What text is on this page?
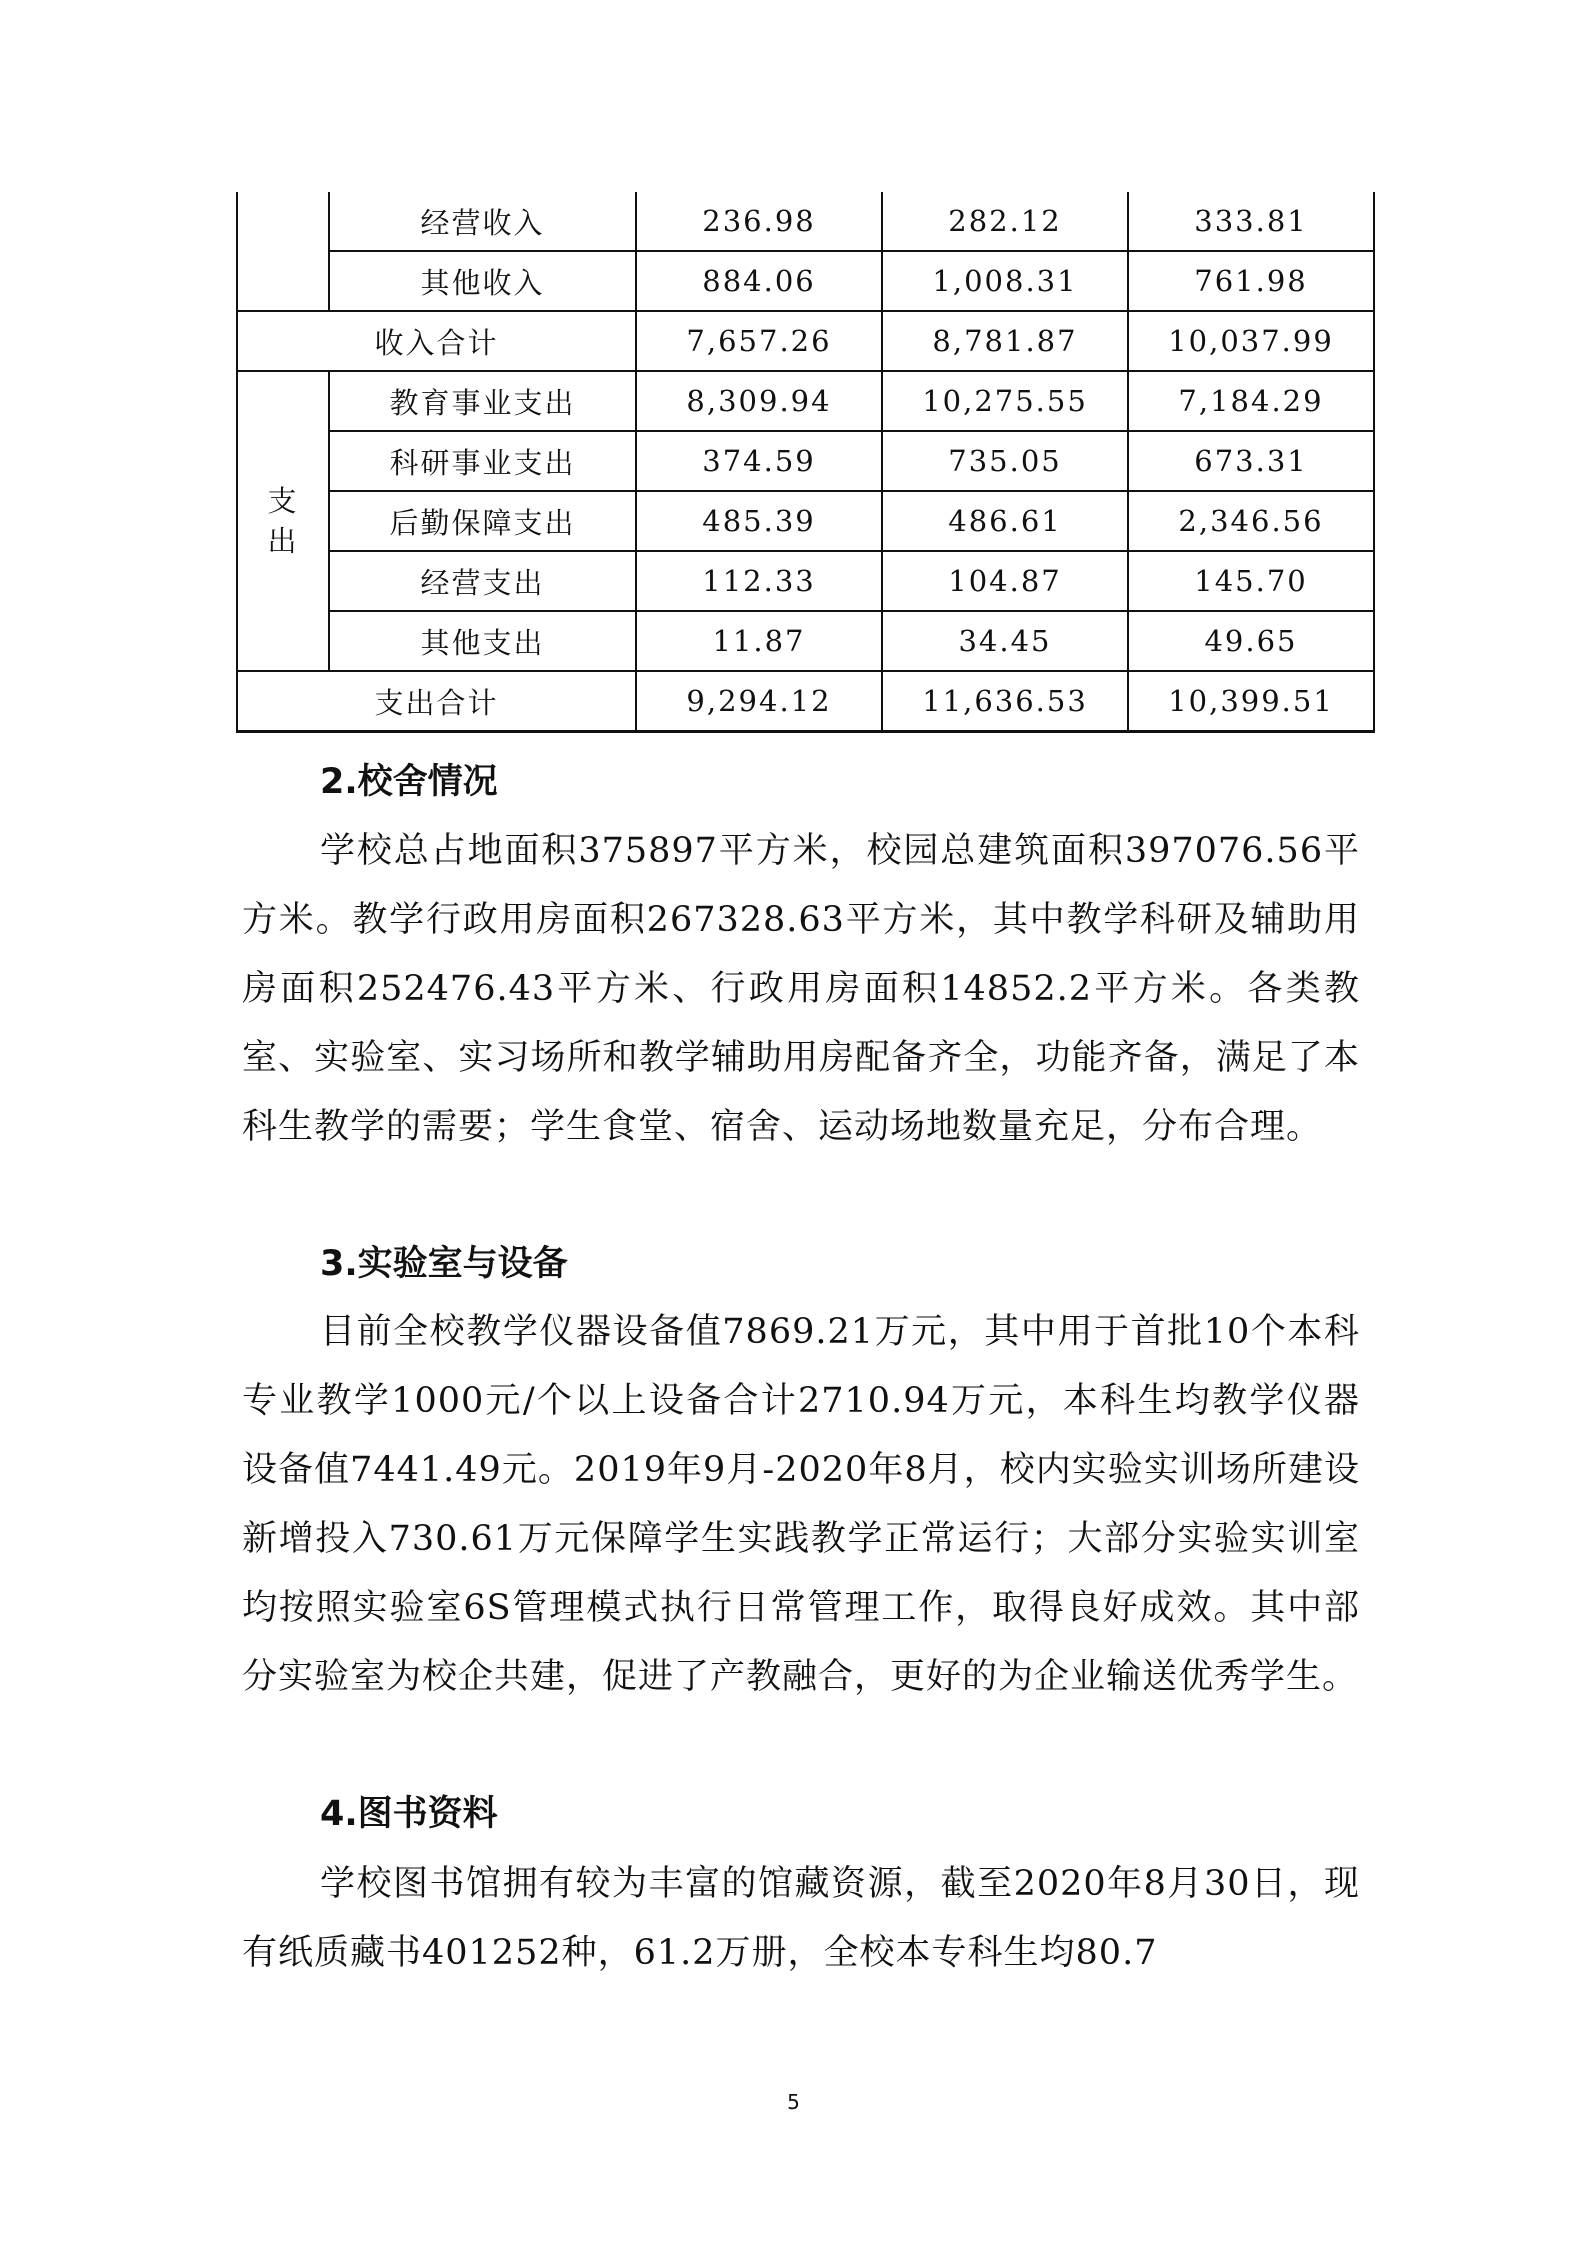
	经营收入	236.98	282.12	333.81
	其他收入	884.06	1,008.31	761.98
收入合计		7,657.26	8,781.87	10,037.99
支出	教育事业支出	8,309.94	10,275.55	7,184.29
	科研事业支出	374.59	735.05	673.31
	后勤保障支出	485.39	486.61	2,346.56
	经营支出	112.33	104.87	145.70
	其他支出	11.87	34.45	49.65
支出合计		9,294.12	11,636.53	10,399.51
2.校舍情况

学校总占地面积375897平方米，校园总建筑面积397076.56平方米。教学行政用房面积267328.63平方米，其中教学科研及辅助用房面积252476.43平方米、行政用房面积14852.2平方米。各类教室、实验室、实习场所和教学辅助用房配备齐全，功能齐备，满足了本科生教学的需要；学生食堂、宿舍、运动场地数量充足，分布合理。

3.实验室与设备

目前全校教学仪器设备值7869.21万元，其中用于首批10个本科专业教学1000元/个以上设备合计2710.94万元，本科生均教学仪器设备值7441.49元。2019年9月-2020年8月，校内实验实训场所建设新增投入730.61万元保障学生实践教学正常运行；大部分实验实训室均按照实验室6S管理模式执行日常管理工作，取得良好成效。其中部分实验室为校企共建，促进了产教融合，更好的为企业输送优秀学生。

4.图书资料

学校图书馆拥有较为丰富的馆藏资源，截至2020年8月30日，现有纸质藏书401252种，61.2万册，全校本专科生均80.7

5
